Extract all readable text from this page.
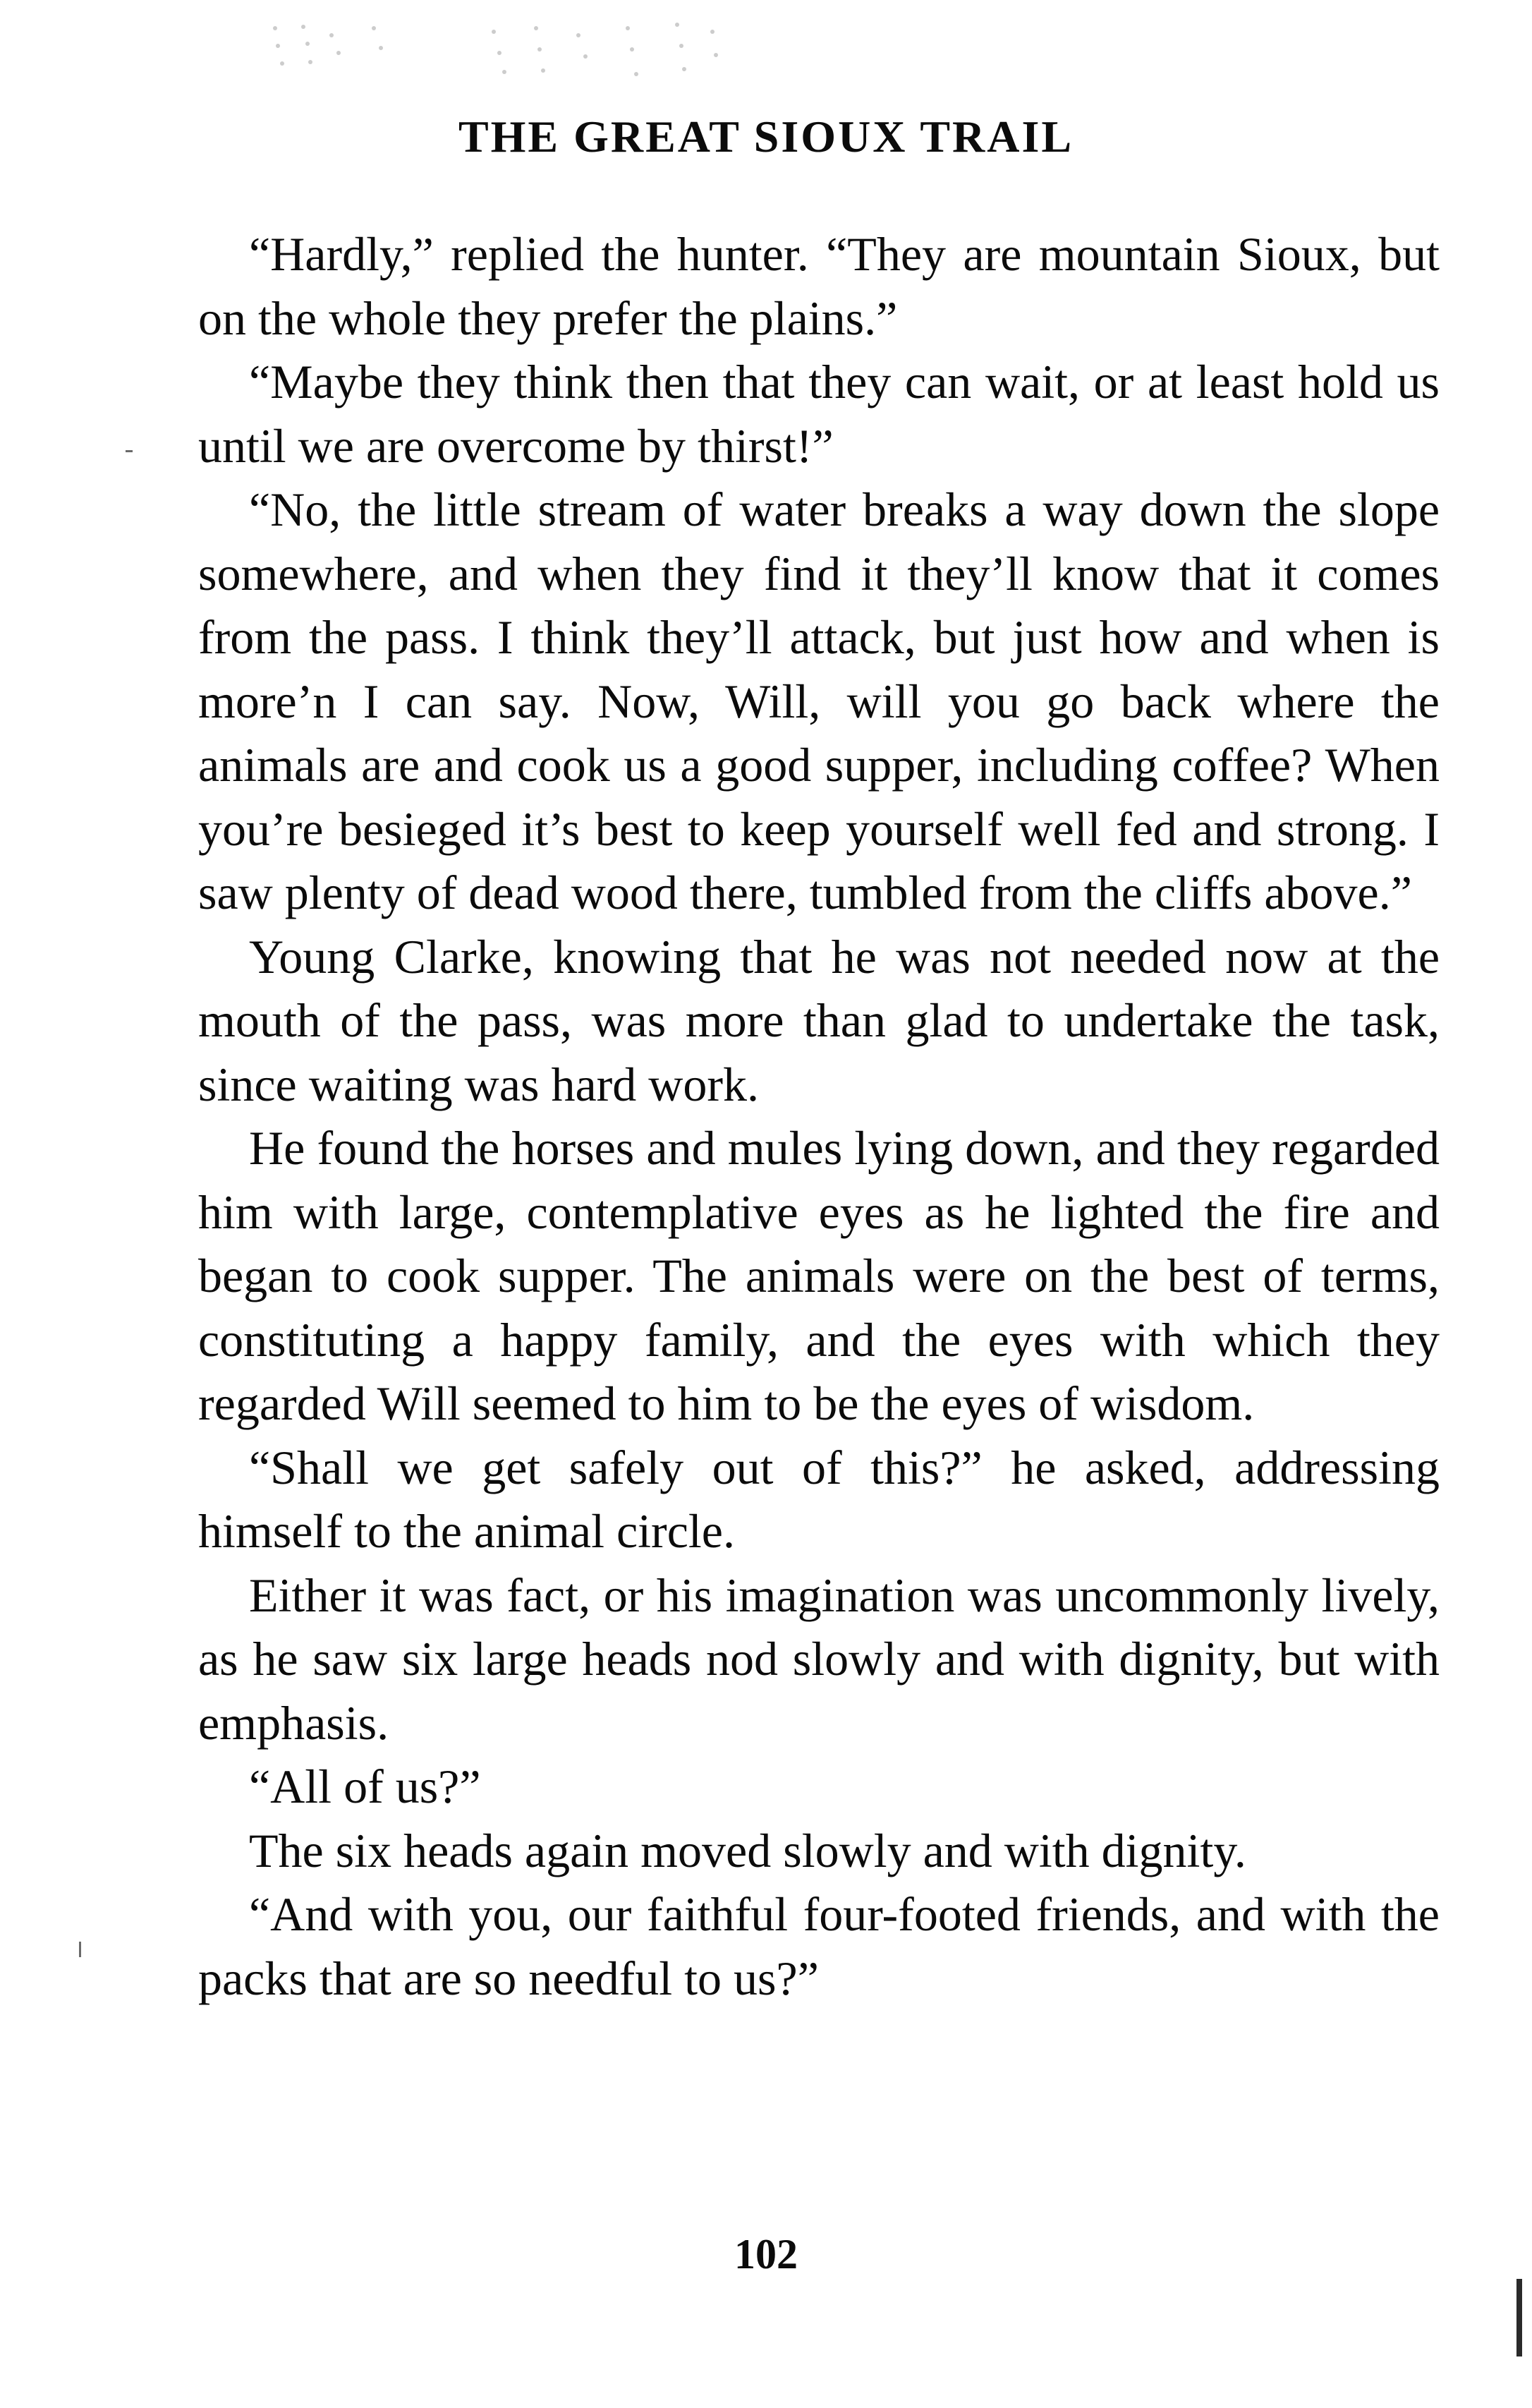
THE GREAT SIOUX TRAIL

“Hardly,” replied the hunter. “They are mountain Sioux, but on the whole they prefer the plains.”

“Maybe they think then that they can wait, or at least hold us until we are overcome by thirst!”

“No, the little stream of water breaks a way down the slope somewhere, and when they find it they’ll know that it comes from the pass. I think they’ll attack, but just how and when is more’n I can say. Now, Will, will you go back where the animals are and cook us a good supper, including coffee? When you’re besieged it’s best to keep yourself well fed and strong. I saw plenty of dead wood there, tumbled from the cliffs above.”

Young Clarke, knowing that he was not needed now at the mouth of the pass, was more than glad to undertake the task, since waiting was hard work.

He found the horses and mules lying down, and they regarded him with large, contemplative eyes as he lighted the fire and began to cook supper. The animals were on the best of terms, constituting a happy family, and the eyes with which they regarded Will seemed to him to be the eyes of wisdom.

“Shall we get safely out of this?” he asked, addressing himself to the animal circle.

Either it was fact, or his imagination was uncommonly lively, as he saw six large heads nod slowly and with dignity, but with emphasis.

“All of us?”

The six heads again moved slowly and with dignity.

“And with you, our faithful four-footed friends, and with the packs that are so needful to us?”

102
